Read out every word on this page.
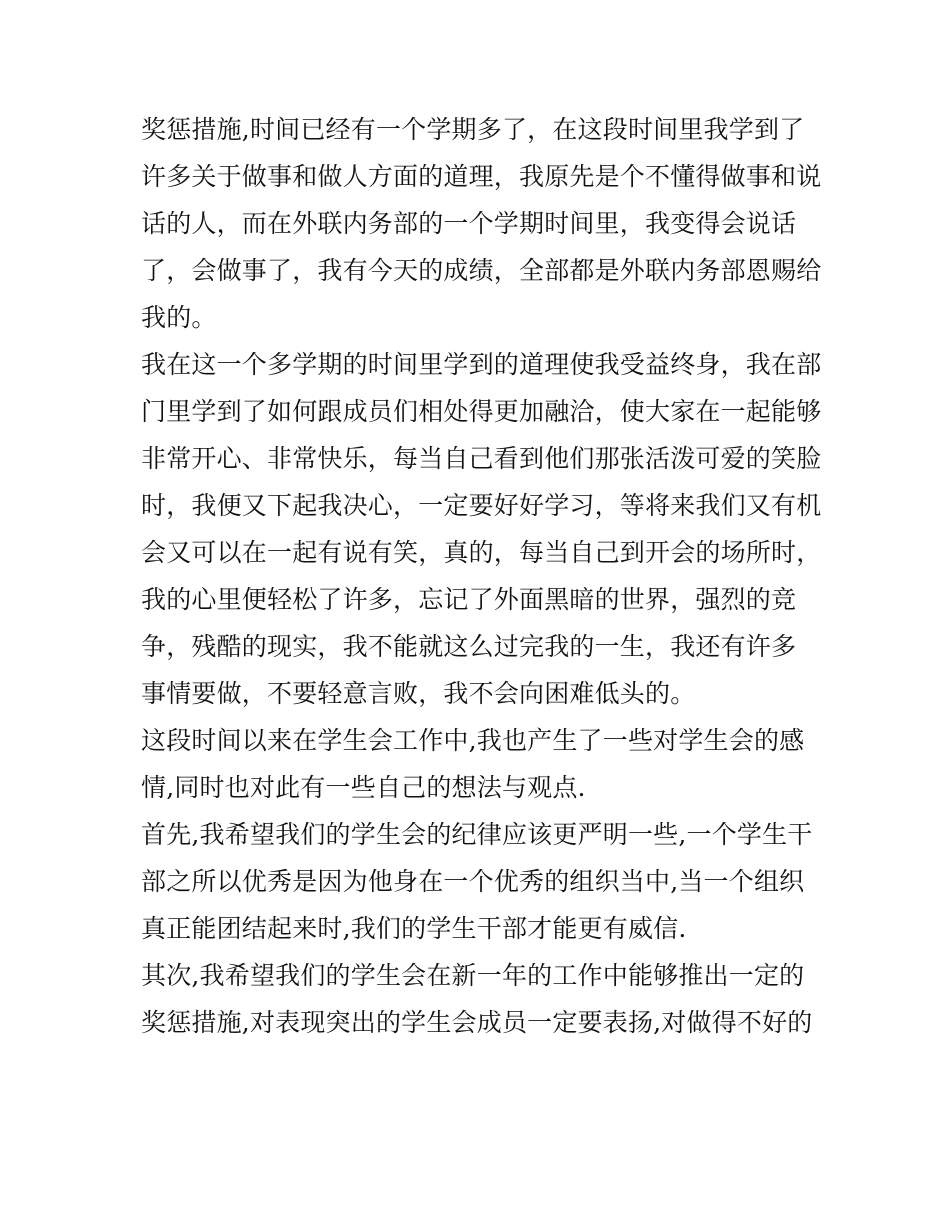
奖惩措施,时间已经有一个学期多了，在这段时间里我学到了
许多关于做事和做人方面的道理，我原先是个不懂得做事和说
话的人，而在外联内务部的一个学期时间里，我变得会说话
了，会做事了，我有今天的成绩，全部都是外联内务部恩赐给
我的。
我在这一个多学期的时间里学到的道理使我受益终身，我在部
门里学到了如何跟成员们相处得更加融洽，使大家在一起能够
非常开心、非常快乐，每当自己看到他们那张活泼可爱的笑脸
时，我便又下起我决心，一定要好好学习，等将来我们又有机
会又可以在一起有说有笑，真的，每当自己到开会的场所时，
我的心里便轻松了许多，忘记了外面黑暗的世界，强烈的竞
争，残酷的现实，我不能就这么过完我的一生，我还有许多
事情要做，不要轻意言败，我不会向困难低头的。
这段时间以来在学生会工作中,我也产生了一些对学生会的感
情,同时也对此有一些自己的想法与观点.
首先,我希望我们的学生会的纪律应该更严明一些,一个学生干
部之所以优秀是因为他身在一个优秀的组织当中,当一个组织
真正能团结起来时,我们的学生干部才能更有威信.
其次,我希望我们的学生会在新一年的工作中能够推出一定的
奖惩措施,对表现突出的学生会成员一定要表扬,对做得不好的
